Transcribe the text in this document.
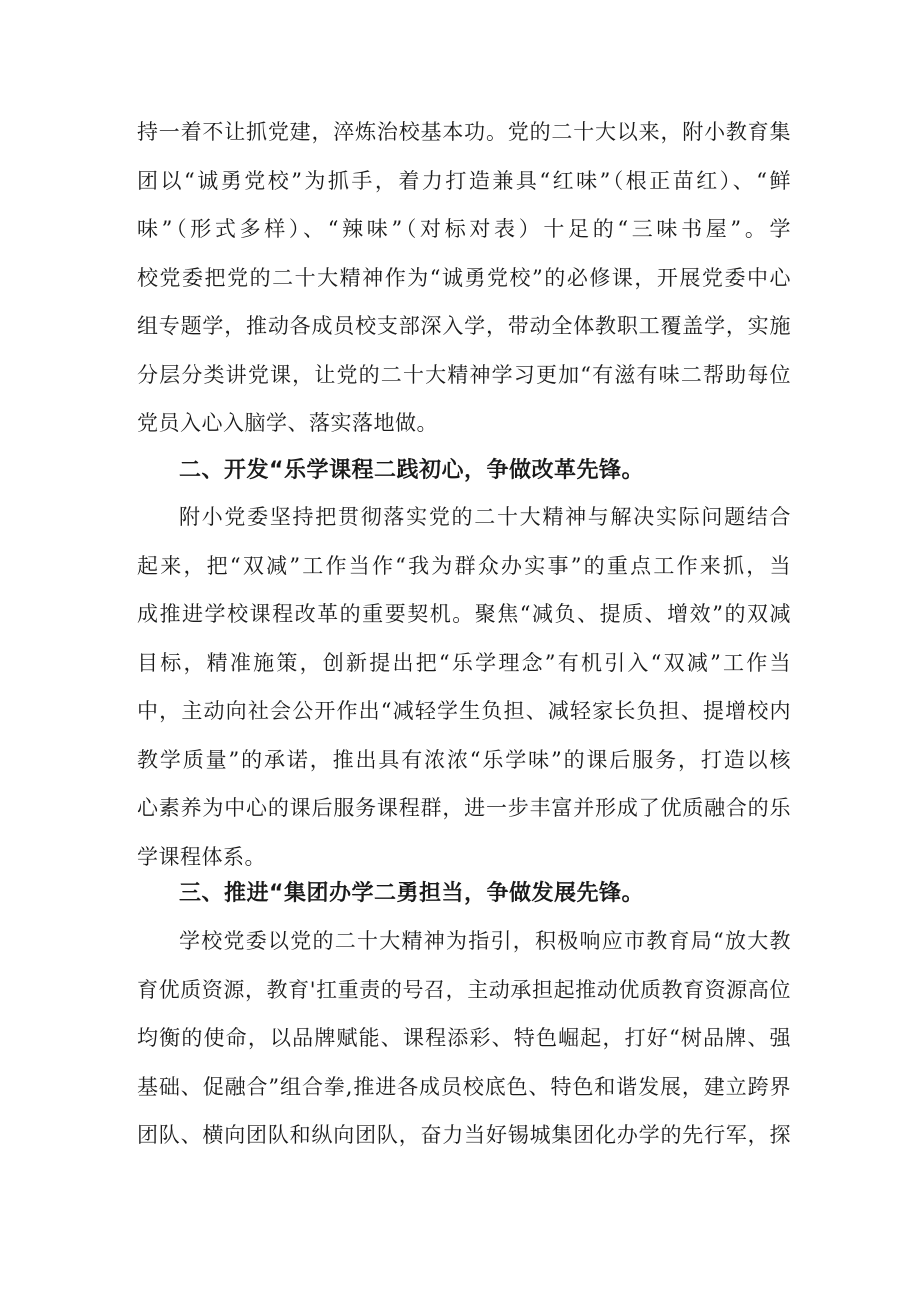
持一着不让抓党建，淬炼治校基本功。党的二十大以来，附小教育集
团以“诚勇党校”为抓手，着力打造兼具“红味”（根正苗红）、“鲜
味”（形式多样）、“辣味”（对标对表）十足的“三味书屋”。学
校党委把党的二十大精神作为“诚勇党校”的必修课，开展党委中心
组专题学，推动各成员校支部深入学，带动全体教职工覆盖学，实施
分层分类讲党课，让党的二十大精神学习更加“有滋有味二帮助每位
党员入心入脑学、落实落地做。
二、开发“乐学课程二践初心，争做改革先锋。
附小党委坚持把贯彻落实党的二十大精神与解决实际问题结合
起来，把“双减”工作当作“我为群众办实事”的重点工作来抓，当
成推进学校课程改革的重要契机。聚焦“减负、提质、增效”的双减
目标，精准施策，创新提出把“乐学理念”有机引入“双减”工作当
中，主动向社会公开作出“减轻学生负担、减轻家长负担、提增校内
教学质量”的承诺，推出具有浓浓“乐学味”的课后服务，打造以核
心素养为中心的课后服务课程群，进一步丰富并形成了优质融合的乐
学课程体系。
三、推进“集团办学二勇担当，争做发展先锋。
学校党委以党的二十大精神为指引，积极响应市教育局“放大教
育优质资源，教育'扛重责的号召，主动承担起推动优质教育资源高位
均衡的使命，以品牌赋能、课程添彩、特色崛起，打好“树品牌、强
基础、促融合”组合拳,推进各成员校底色、特色和谐发展，建立跨界
团队、横向团队和纵向团队，奋力当好锡城集团化办学的先行军，探
